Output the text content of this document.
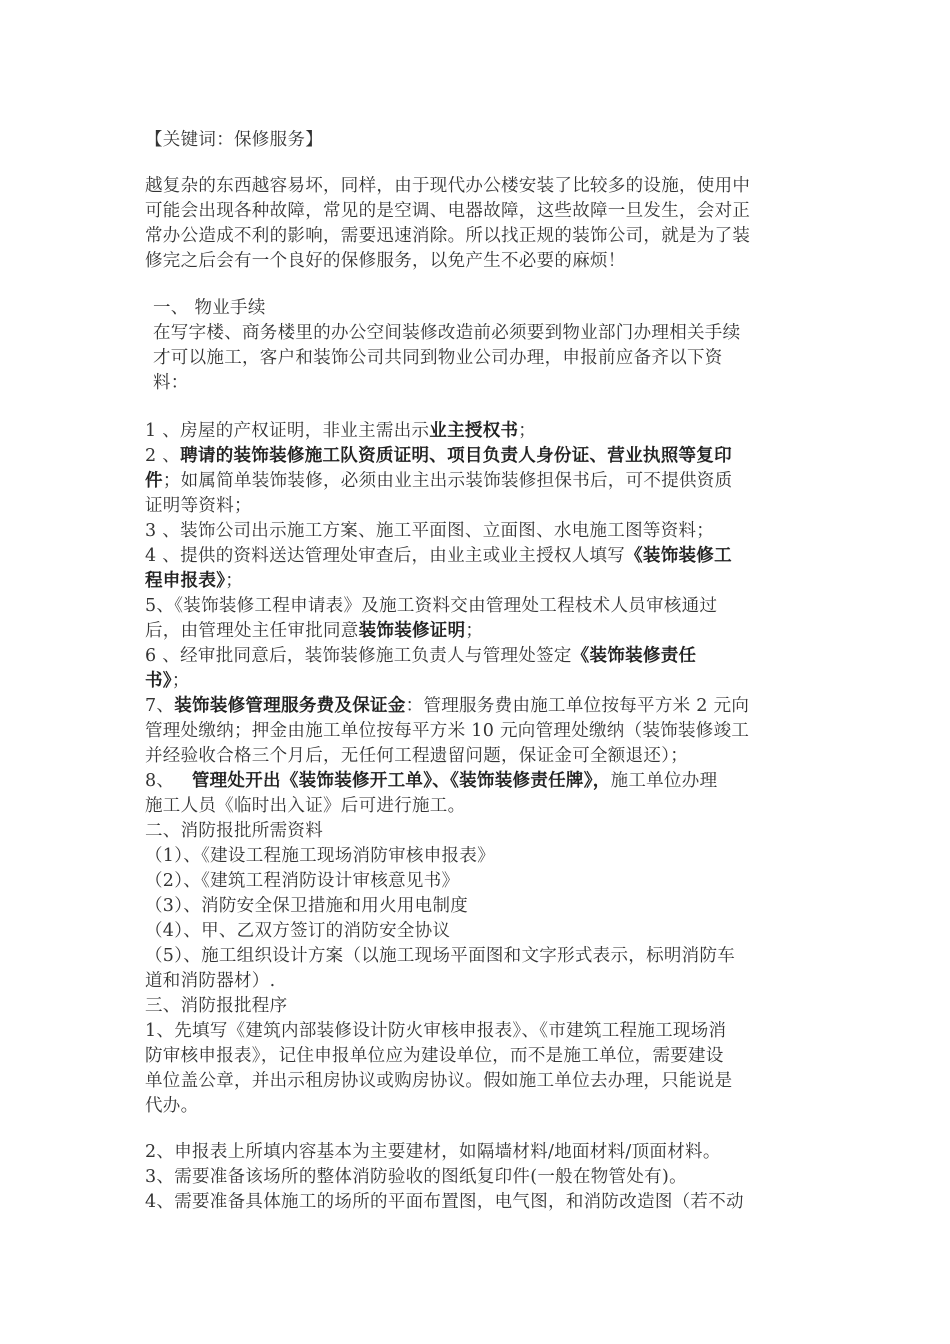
【关键词：保修服务】
越复杂的东西越容易坏，同样，由于现代办公楼安装了比较多的设施，使用中
可能会出现各种故障，常见的是空调、电器故障，这些故障一旦发生，会对正
常办公造成不利的影响，需要迅速消除。所以找正规的装饰公司，就是为了装
修完之后会有一个良好的保修服务，以免产生不必要的麻烦！
一、 物业手续
在写字楼、商务楼里的办公空间装修改造前必须要到物业部门办理相关手续
才可以施工，客户和装饰公司共同到物业公司办理，申报前应备齐以下资
料：
1 、房屋的产权证明，非业主需出示业主授权书；
2 、聘请的装饰装修施工队资质证明、项目负责人身份证、营业执照等复印
件；如属简单装饰装修，必须由业主出示装饰装修担保书后，可不提供资质
证明等资料；
3 、装饰公司出示施工方案、施工平面图、立面图、水电施工图等资料；
4 、提供的资料送达管理处审查后，由业主或业主授权人填写《装饰装修工
程申报表》；
5、《装饰装修工程申请表》及施工资料交由管理处工程枝术人员审核通过
后，由管理处主任审批同意装饰装修证明；
6 、经审批同意后，装饰装修施工负责人与管理处签定《装饰装修责任
书》；
7、装饰装修管理服务费及保证金：管理服务费由施工单位按每平方米 2 元向
管理处缴纳；押金由施工单位按每平方米 10 元向管理处缴纳（装饰装修竣工
并经验收合格三个月后，无任何工程遗留问题，保证金可全额退还）；
8、   管理处开出《装饰装修开工单》、《装饰装修责任牌》，施工单位办理
施工人员《临时出入证》后可进行施工。
二、消防报批所需资料
（1）、《建设工程施工现场消防审核申报表》
（2）、《建筑工程消防设计审核意见书》
（3）、消防安全保卫措施和用火用电制度
（4）、甲、乙双方签订的消防安全协议
（5）、施工组织设计方案（以施工现场平面图和文字形式表示，标明消防车
道和消防器材）.
三、消防报批程序
1、先填写《建筑内部装修设计防火审核申报表》、《市建筑工程施工现场消
防审核申报表》，记住申报单位应为建设单位，而不是施工单位，需要建设
单位盖公章，并出示租房协议或购房协议。假如施工单位去办理，只能说是
代办。
2、申报表上所填内容基本为主要建材，如隔墙材料/地面材料/顶面材料。
3、需要准备该场所的整体消防验收的图纸复印件(一般在物管处有)。
4、需要准备具体施工的场所的平面布置图，电气图，和消防改造图（若不动
